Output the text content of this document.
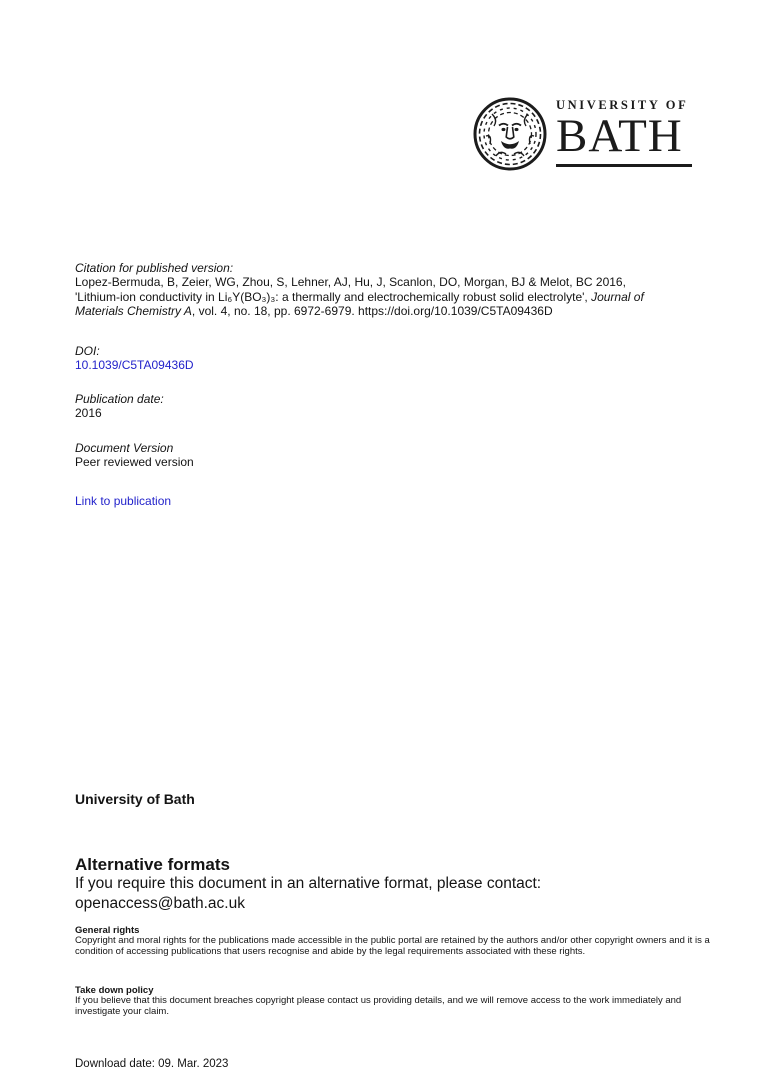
UNIVERSITY OF
BATH
Citation for published version:
Lopez-Bermuda, B, Zeier, WG, Zhou, S, Lehner, AJ, Hu, J, Scanlon, DO, Morgan, BJ & Melot, BC 2016,
'Lithium-ion conductivity in Li₆Y(BO₃)₃: a thermally and electrochemically robust solid electrolyte', Journal of
Materials Chemistry A, vol. 4, no. 18, pp. 6972-6979. https://doi.org/10.1039/C5TA09436D
DOI:
10.1039/C5TA09436D
Publication date:
2016
Document Version
Peer reviewed version
Link to publication
University of Bath
Alternative formats
If you require this document in an alternative format, please contact:
openaccess@bath.ac.uk
General rights
Copyright and moral rights for the publications made accessible in the public portal are retained by the authors and/or other copyright owners and it is a condition of accessing publications that users recognise and abide by the legal requirements associated with these rights.
Take down policy
If you believe that this document breaches copyright please contact us providing details, and we will remove access to the work immediately and investigate your claim.
Download date: 09. Mar. 2023
